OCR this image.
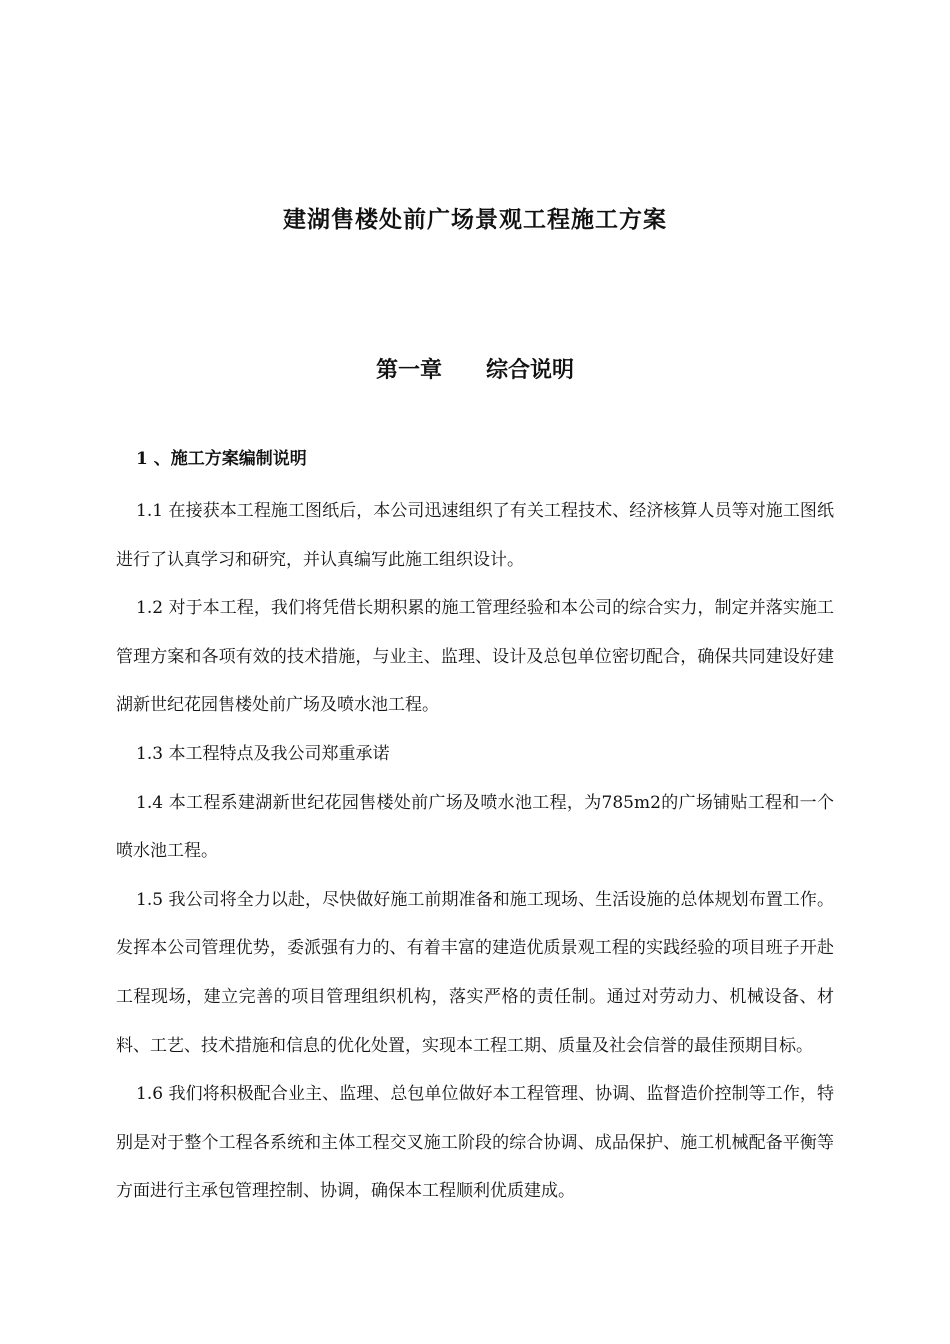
建湖售楼处前广场景观工程施工方案
第一章　　综合说明
1 、施工方案编制说明

1.1 在接获本工程施工图纸后，本公司迅速组织了有关工程技术、经济核算人员等对施工图纸进行了认真学习和研究，并认真编写此施工组织设计。

1.2 对于本工程，我们将凭借长期积累的施工管理经验和本公司的综合实力，制定并落实施工管理方案和各项有效的技术措施，与业主、监理、设计及总包单位密切配合，确保共同建设好建湖新世纪花园售楼处前广场及喷水池工程。

1.3 本工程特点及我公司郑重承诺

1.4 本工程系建湖新世纪花园售楼处前广场及喷水池工程，为785m2的广场铺贴工程和一个喷水池工程。

1.5 我公司将全力以赴，尽快做好施工前期准备和施工现场、生活设施的总体规划布置工作。发挥本公司管理优势，委派强有力的、有着丰富的建造优质景观工程的实践经验的项目班子开赴工程现场，建立完善的项目管理组织机构，落实严格的责任制。通过对劳动力、机械设备、材料、工艺、技术措施和信息的优化处置，实现本工程工期、质量及社会信誉的最佳预期目标。

1.6 我们将积极配合业主、监理、总包单位做好本工程管理、协调、监督造价控制等工作，特别是对于整个工程各系统和主体工程交叉施工阶段的综合协调、成品保护、施工机械配备平衡等方面进行主承包管理控制、协调，确保本工程顺利优质建成。
